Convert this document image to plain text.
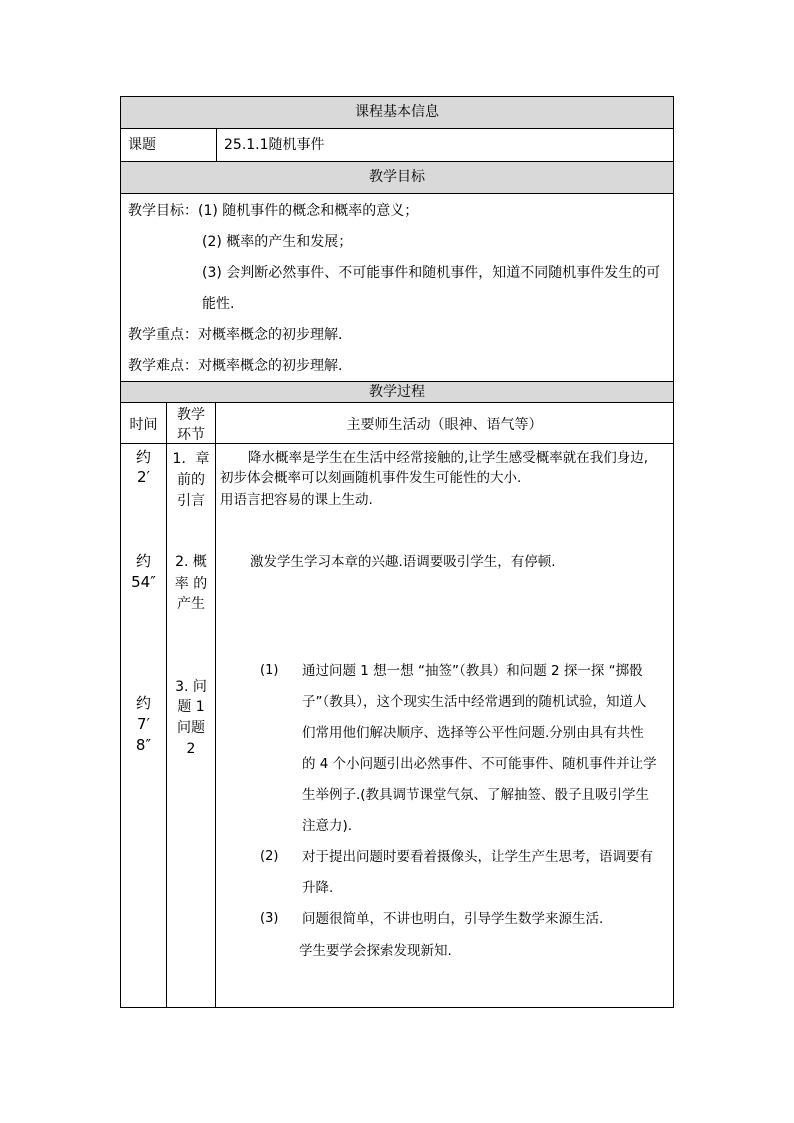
课程基本信息
课题	25.1.1随机事件
教学目标
教学目标：(1) 随机事件的概念和概率的意义；
(2) 概率的产生和发展；
(3) 会判断必然事件、不可能事件和随机事件，知道不同随机事件发生的可
能性.
教学重点：对概率概念的初步理解.
教学难点：对概率概念的初步理解.
教学过程
时间
教学
环节
主要师生活动（眼神、语气等）
约
2′
1．章
前的
引言
降水概率是学生在生活中经常接触的,让学生感受概率就在我们身边,
初步体会概率可以刻画随机事件发生可能性的大小.
用语言把容易的课上生动.
约
54″
2. 概
率 的
产生
激发学生学习本章的兴趣.语调要吸引学生，有停顿.
约
7′
8″
3. 问
题 1
问题
2
(1) 通过问题 1 想一想 “抽签”（教具）和问题 2 探一探 “掷骰
子”（教具），这个现实生活中经常遇到的随机试验，知道人
们常用他们解决顺序、选择等公平性问题.分别由具有共性
的 4 个小问题引出必然事件、不可能事件、随机事件并让学
生举例子.(教具调节课堂气氛、了解抽签、骰子且吸引学生
注意力).
(2) 对于提出问题时要看着摄像头，让学生产生思考，语调要有
升降.
(3) 问题很简单，不讲也明白，引导学生数学来源生活.
学生要学会探索发现新知.
